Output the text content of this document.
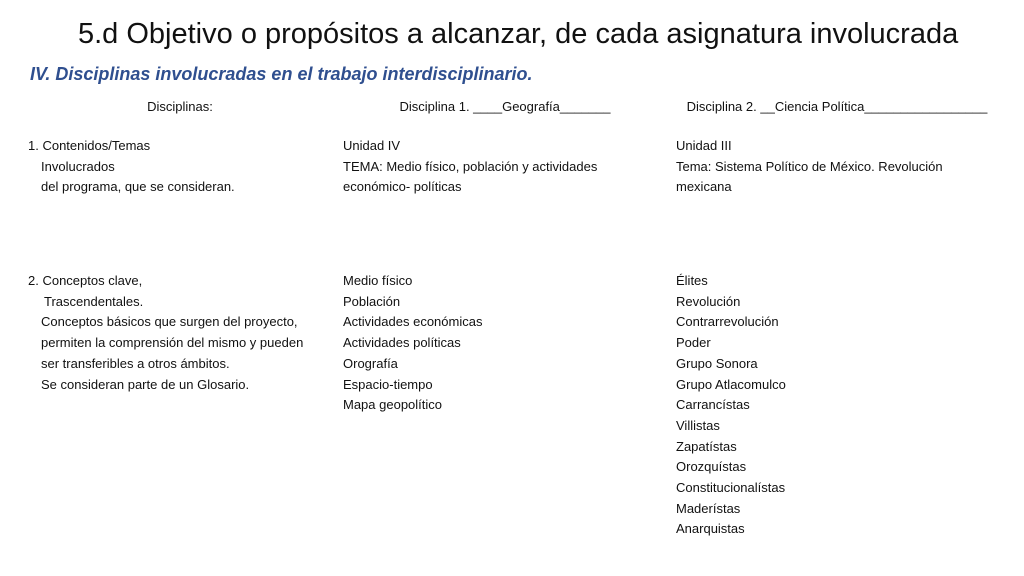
5.d Objetivo o propósitos a alcanzar, de cada asignatura involucrada
IV. Disciplinas involucradas en el trabajo interdisciplinario.
Disciplinas:	Disciplina 1. ____Geografía_______	Disciplina 2. __Ciencia Política_________________
1. Contenidos/Temas
Involucrados
del programa, que se consideran.
Unidad IV
TEMA: Medio físico, población y actividades
económico- políticas
Unidad III
Tema: Sistema Político de México. Revolución
mexicana
2. Conceptos clave,
Trascendentales.
Conceptos básicos que surgen del proyecto,
permiten la comprensión del mismo y pueden
ser transferibles a otros ámbitos.
Se consideran parte de un Glosario.
Medio físico
Población
Actividades económicas
Actividades políticas
Orografía
Espacio-tiempo
Mapa geopolítico
Élites
Revolución
Contrarrevolución
Poder
Grupo Sonora
Grupo Atlacomulco
Carrancístas
Villistas
Zapatístas
Orozquístas
Constitucionalístas
Maderístas
Anarquistas
